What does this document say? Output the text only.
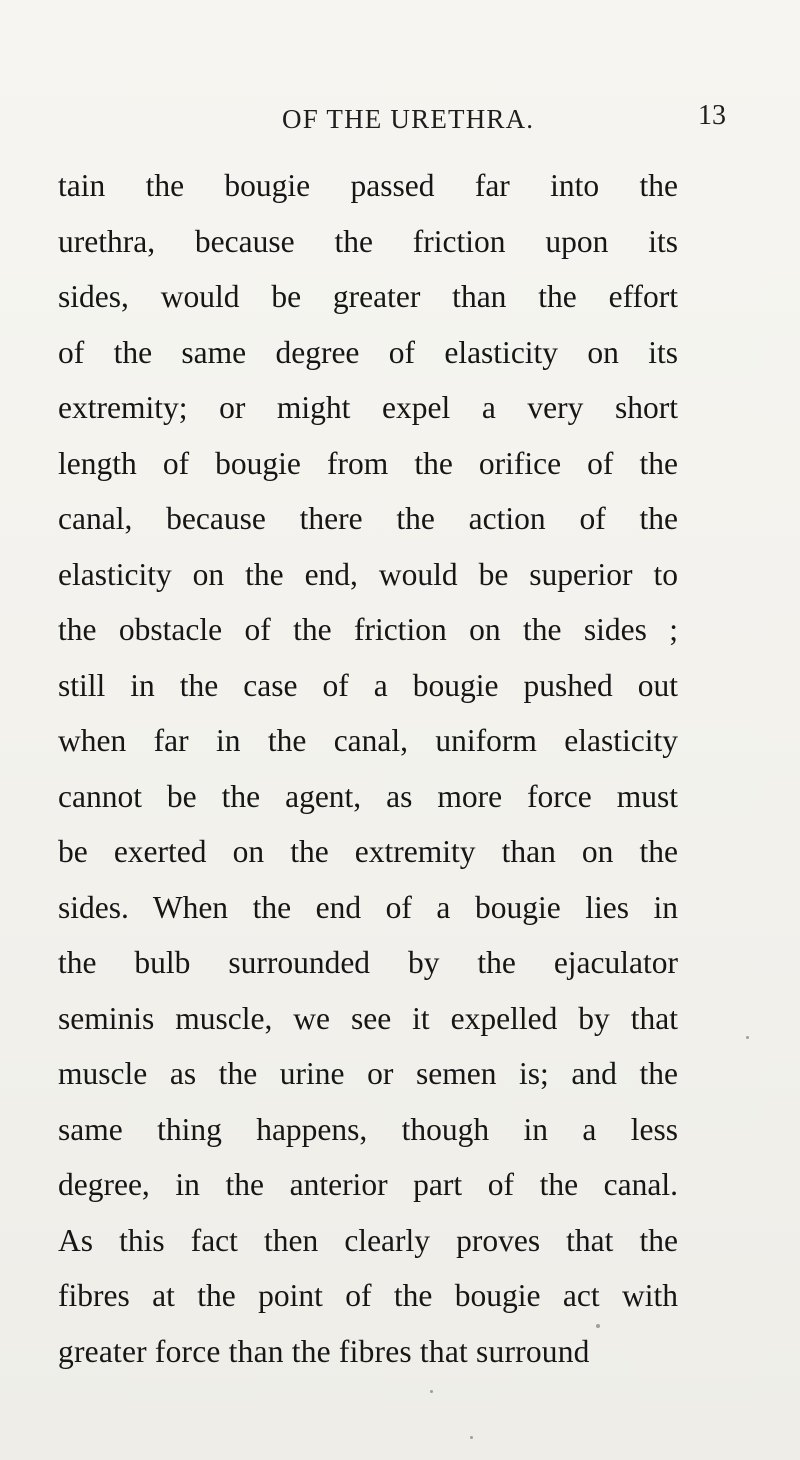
OF THE URETHRA.	13
tain the bougie passed far into the
urethra, because the friction upon its
sides, would be greater than the effort
of the same degree of elasticity on its
extremity; or might expel a very short
length of bougie from the orifice of the
canal, because there the action of the
elasticity on the end, would be superior to
the obstacle of the friction on the sides ;
still in the case of a bougie pushed out
when far in the canal, uniform elasticity
cannot be the agent, as more force must
be exerted on the extremity than on the
sides. When the end of a bougie lies in
the bulb surrounded by the ejaculator
seminis muscle, we see it expelled by that
muscle as the urine or semen is; and the
same thing happens, though in a less
degree, in the anterior part of the canal.
As this fact then clearly proves that the
fibres at the point of the bougie act with
greater force than the fibres that surround
